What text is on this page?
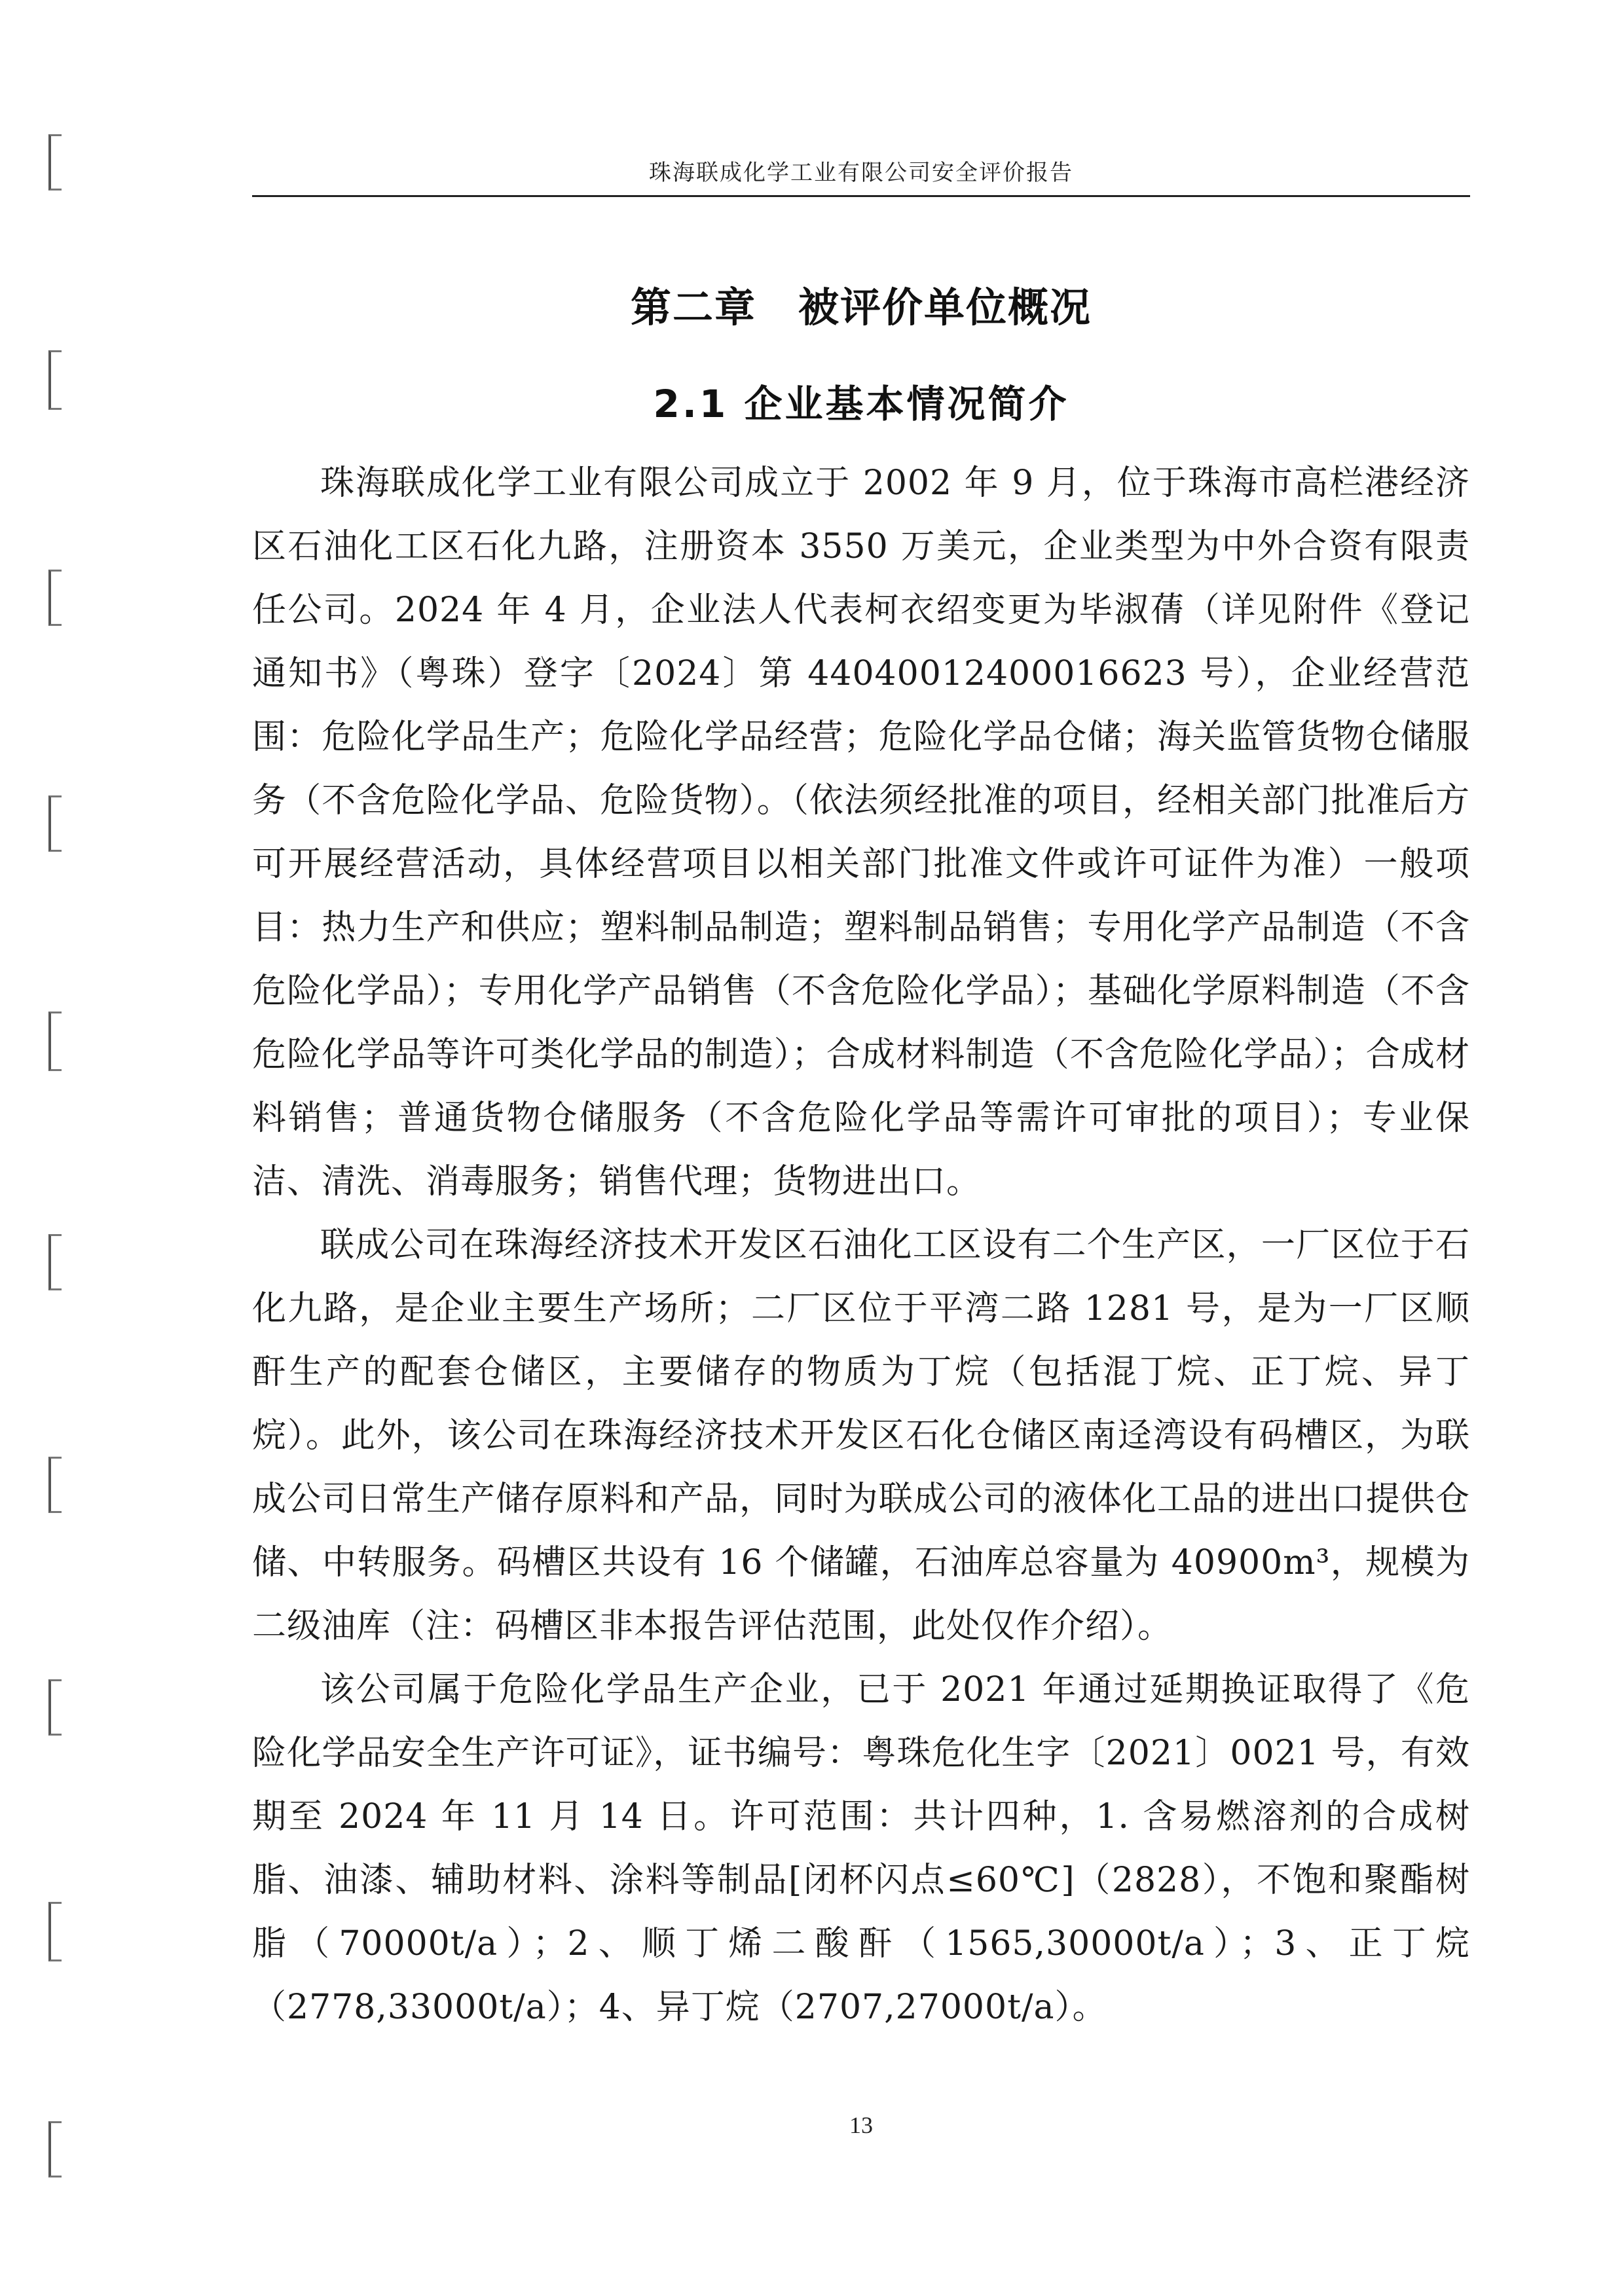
珠海联成化学工业有限公司安全评价报告
第二章　被评价单位概况
2.1 企业基本情况简介

珠海联成化学工业有限公司成立于 2002 年 9 月，位于珠海市高栏港经济区石油化工区石化九路，注册资本 3550 万美元，企业类型为中外合资有限责任公司。2024 年 4 月，企业法人代表柯衣绍变更为毕淑蒨（详见附件《登记通知书》（粤珠）登字〔2024〕第 44040012400016623 号），企业经营范围：危险化学品生产；危险化学品经营；危险化学品仓储；海关监管货物仓储服务（不含危险化学品、危险货物）。（依法须经批准的项目，经相关部门批准后方可开展经营活动，具体经营项目以相关部门批准文件或许可证件为准）一般项目：热力生产和供应；塑料制品制造；塑料制品销售；专用化学产品制造（不含危险化学品）；专用化学产品销售（不含危险化学品）；基础化学原料制造（不含危险化学品等许可类化学品的制造）；合成材料制造（不含危险化学品）；合成材料销售；普通货物仓储服务（不含危险化学品等需许可审批的项目）；专业保洁、清洗、消毒服务；销售代理；货物进出口。

联成公司在珠海经济技术开发区石油化工区设有二个生产区，一厂区位于石化九路，是企业主要生产场所；二厂区位于平湾二路 1281 号，是为一厂区顺酐生产的配套仓储区，主要储存的物质为丁烷（包括混丁烷、正丁烷、异丁烷）。此外，该公司在珠海经济技术开发区石化仓储区南迳湾设有码槽区，为联成公司日常生产储存原料和产品，同时为联成公司的液体化工品的进出口提供仓储、中转服务。码槽区共设有 16 个储罐，石油库总容量为 40900m³，规模为二级油库（注：码槽区非本报告评估范围，此处仅作介绍）。

该公司属于危险化学品生产企业，已于 2021 年通过延期换证取得了《危险化学品安全生产许可证》，证书编号：粤珠危化生字〔2021〕0021 号，有效期至 2024 年 11 月 14 日。许可范围：共计四种，1. 含易燃溶剂的合成树脂、油漆、辅助材料、涂料等制品[闭杯闪点≤60℃]（2828），不饱和聚酯树脂（70000t/a）；2、顺丁烯二酸酐（1565,30000t/a）；3、正丁烷（2778,33000t/a）；4、异丁烷（2707,27000t/a）。

13
